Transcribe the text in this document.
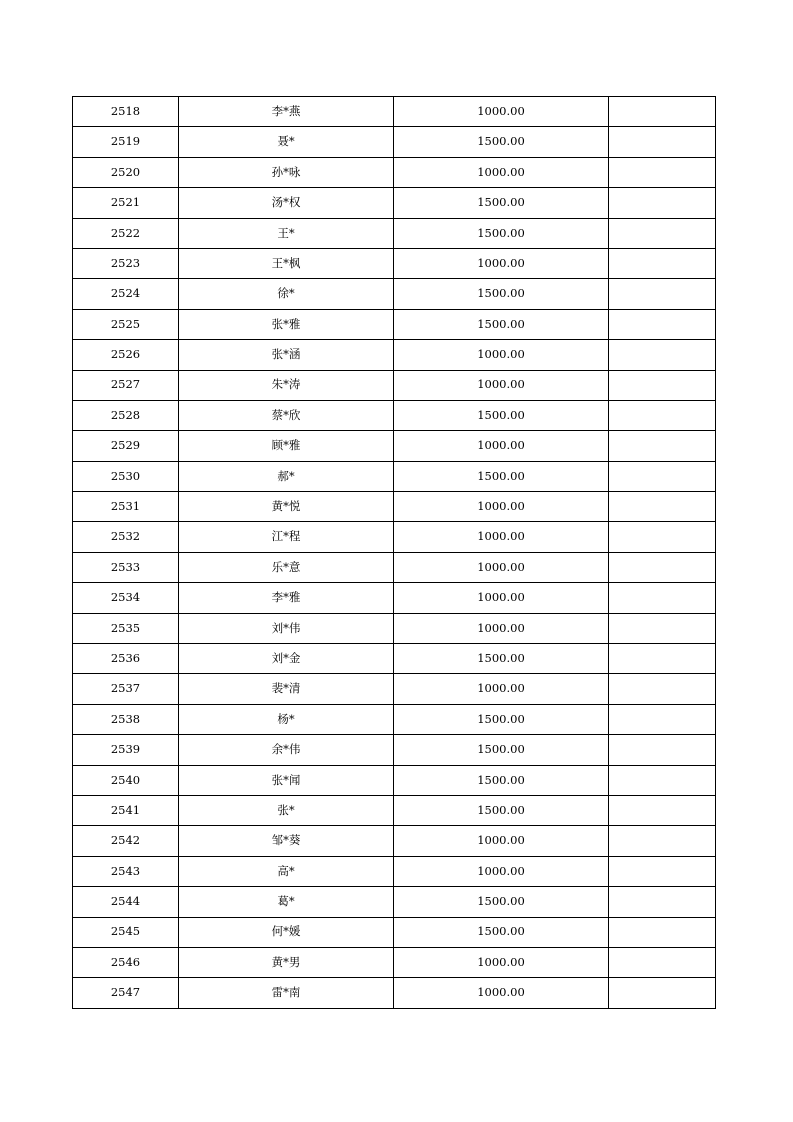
2518	李*燕	1000.00	
2519	聂*	1500.00	
2520	孙*咏	1000.00	
2521	汤*权	1500.00	
2522	王*	1500.00	
2523	王*枫	1000.00	
2524	徐*	1500.00	
2525	张*雅	1500.00	
2526	张*涵	1000.00	
2527	朱*涛	1000.00	
2528	蔡*欣	1500.00	
2529	顾*雅	1000.00	
2530	郝*	1500.00	
2531	黄*悦	1000.00	
2532	江*程	1000.00	
2533	乐*意	1000.00	
2534	李*雅	1000.00	
2535	刘*伟	1000.00	
2536	刘*金	1500.00	
2537	裴*清	1000.00	
2538	杨*	1500.00	
2539	余*伟	1500.00	
2540	张*闻	1500.00	
2541	张*	1500.00	
2542	邹*葵	1000.00	
2543	高*	1000.00	
2544	葛*	1500.00	
2545	何*媛	1500.00	
2546	黄*男	1000.00	
2547	雷*南	1000.00	
